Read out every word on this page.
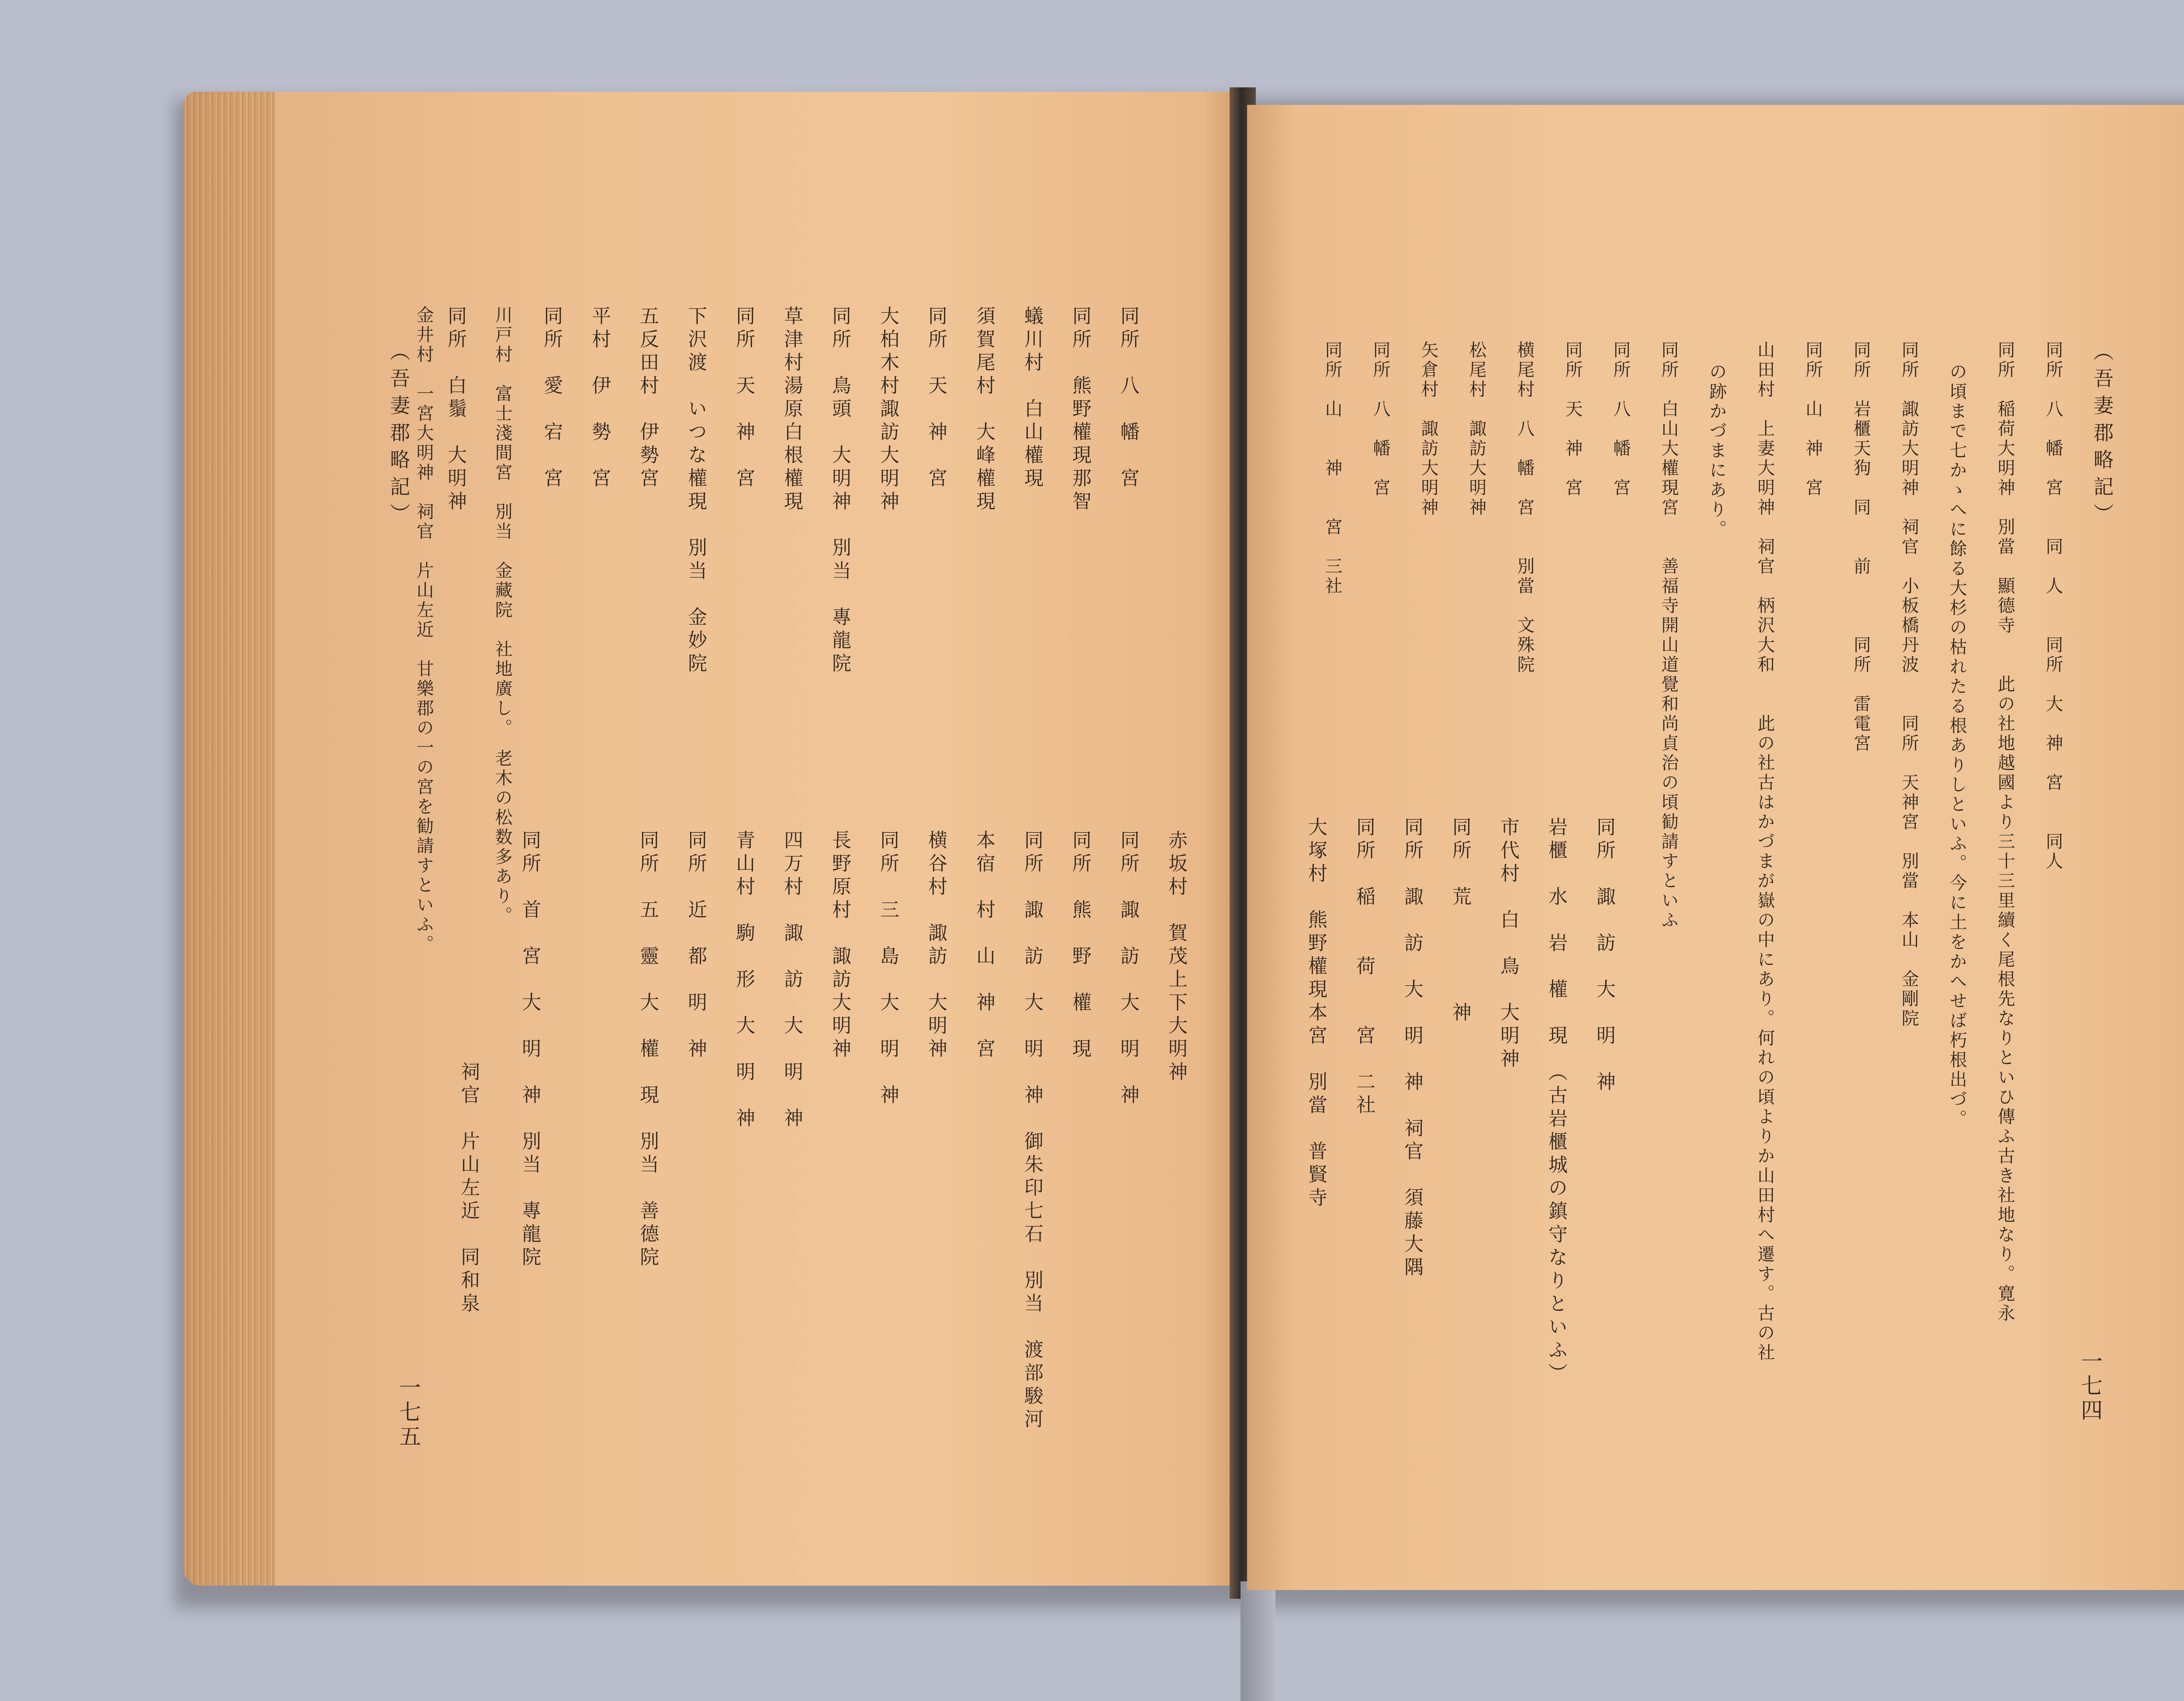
（吾妻郡略記）
一七五
同所　八　幡　宮
同所　熊野權現那智
蟻川村　白山權現
須賀尾村　大峰權現
同所　天　神　宮
大柏木村諏訪大明神
同所　鳥頭　大明神　別当　專龍院
草津村湯原白根權現
同所　天　神　宮
下沢渡　いつな權現　別当　金妙院
五反田村　伊勢宮
平村　伊　勢　宮
同所　愛　宕　宮
川戸村　富士淺間宮　別当　金藏院　社地廣し。　老木の松数多あり。
同所　白鬚　大明神
金井村　一宮大明神　祠官　片山左近　甘樂郡の一の宮を勧請すといふ。
赤坂村　賀茂上下大明神
同所　諏　訪　大　明　神
同所　熊　野　權　現
同所　諏　訪　大　明　神　御朱印七石　別当　渡部駿河
本宿　村　山　神　宮
横谷村　諏訪　大明神
同所　三　島　大　明　神
長野原村　諏訪大明神
四万村　諏　訪　大　明　神
青山村　駒　形　大　明　神
同所　近　都　明　神
同所　五　靈　大　權　現　別当　善德院
同所　首　宮　大　明　神　別当　專龍院
祠官　片山左近　同和泉
（吾妻郡略記）
一七四
同所　八　幡　宮　　同　人　　同所　大　神　宮　　同人
同所　稲荷大明神　別當　顯德寺　　此の社地越國より三十三里續く尾根先なりといひ傳ふ古き社地なり。寛永
の頃まで七かゝへに餘る大杉の枯れたる根ありしといふ。今に土をかへせば朽根出づ。
同所　諏訪大明神　祠官　小板橋丹波　　同所　天神宮　別當　本山　金剛院
同所　岩櫃天狗　同　　前　　　同所　雷電宮
同所　山　神　宮
山田村　上妻大明神　祠官　柄沢大和　　此の社古はかづまが嶽の中にあり。何れの頃よりか山田村へ遷す。古の社
の跡かづまにあり。
同所　白山大權現宮　　善福寺開山道覺和尚貞治の頃勧請すといふ
同所　八　幡　宮
同所　天　神　宮
横尾村　八　幡　宮　　別當　文殊院
松尾村　諏訪大明神
矢倉村　諏訪大明神
同所　八　幡　宮
同所　山　　神　　宮　三社
同所　諏　訪　大　明　神
岩櫃　水　岩　權　現　（古岩櫃城の鎮守なりといふ）
市代村　白　鳥　大明神
同所　荒　　　　神
同所　諏　訪　大　明　神　祠官　須藤大隅
同所　稲　　荷　　宮　二社
大塚村　熊野權現本宮　別當　普賢寺
